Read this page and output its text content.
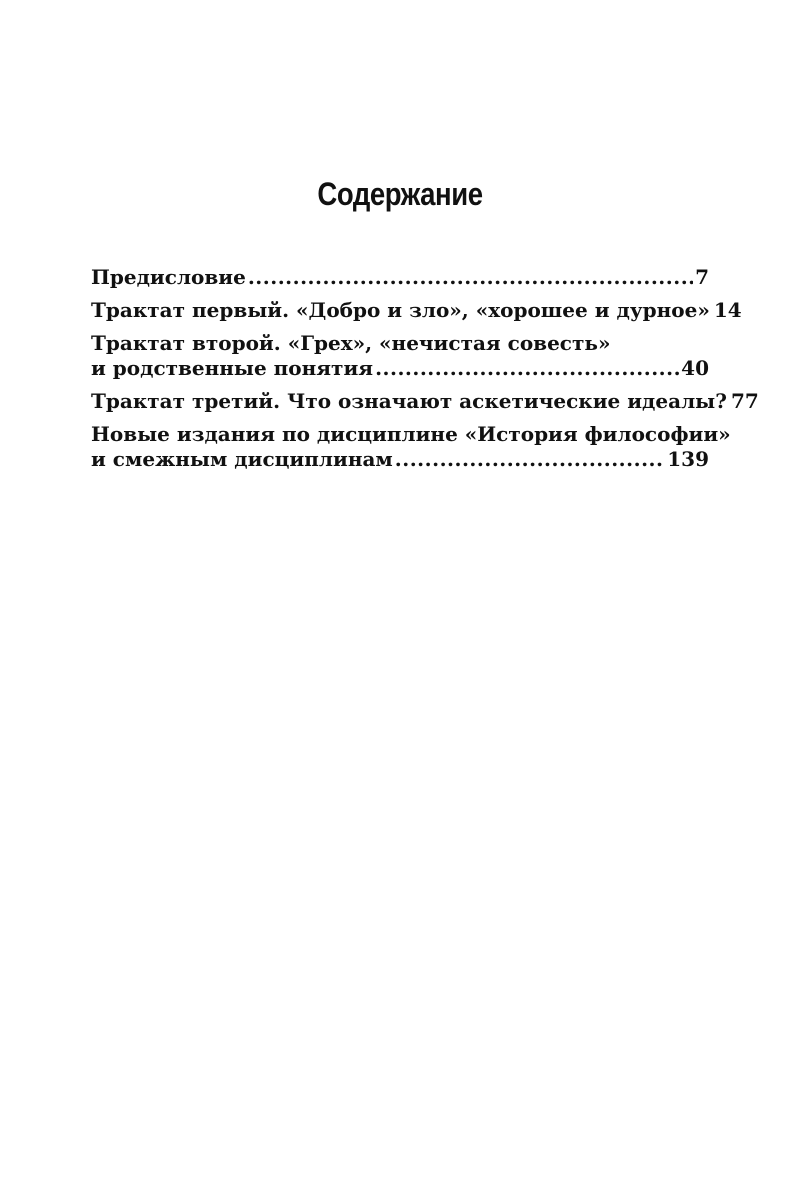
Содержание
Предисловие .....	7
Трактат первый. «Добро и зло», «хорошее и дурное» 14
Трактат второй. «Грех», «нечистая совесть»
и родственные понятия .....	40
Трактат третий. Что означают аскетические идеалы? 77
Новые издания по дисциплине «История философии»
и смежным дисциплинам .....	139
